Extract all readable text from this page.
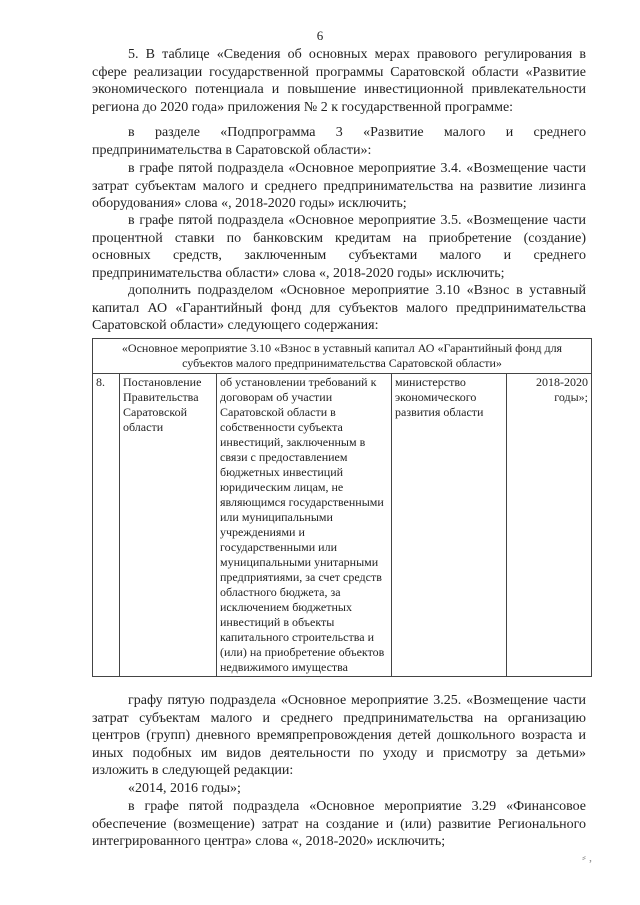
6

5. В таблице «Сведения об основных мерах правового регулирования в сфере реализации государственной программы Саратовской области «Развитие экономического потенциала и повышение инвестиционной привлекательности региона до 2020 года» приложения № 2 к государственной программе:

в разделе «Подпрограмма 3 «Развитие малого и среднего предпринимательства в Саратовской области»:

в графе пятой подраздела «Основное мероприятие 3.4. «Возмещение части затрат субъектам малого и среднего предпринимательства на развитие лизинга оборудования» слова «, 2018-2020 годы» исключить;

в графе пятой подраздела «Основное мероприятие 3.5. «Возмещение части процентной ставки по банковским кредитам на приобретение (создание) основных средств, заключенным субъектами малого и среднего предпринимательства области» слова «, 2018-2020 годы» исключить;

дополнить подразделом «Основное мероприятие 3.10 «Взнос в уставный капитал АО «Гарантийный фонд для субъектов малого предпринимательства Саратовской области» следующего содержания:

«Основное мероприятие 3.10 «Взнос в уставный капитал АО «Гарантийный фонд для субъектов малого предпринимательства Саратовской области»
8.	Постановление Правительства Саратовской области	об установлении требований к договорам об участии Саратовской области в собственности субъекта инвестиций, заключенным в связи с предоставлением бюджетных инвестиций юридическим лицам, не являющимся государственными или муниципальными учреждениями и государственными или муниципальными унитарными предприятиями, за счет средств областного бюджета, за исключением бюджетных инвестиций в объекты капитального строительства и (или) на приобретение объектов недвижимого имущества	министерство экономического развития области	2018-2020 годы»;

графу пятую подраздела «Основное мероприятие 3.25. «Возмещение части затрат субъектам малого и среднего предпринимательства на организацию центров (групп) дневного времяпрепровождения детей дошкольного возраста и иных подобных им видов деятельности по уходу и присмотру за детьми» изложить в следующей редакции:

«2014, 2016 годы»;

в графе пятой подраздела «Основное мероприятие 3.29 «Финансовое обеспечение (возмещение) затрат на создание и (или) развитие Регионального интегрированного центра» слова «, 2018-2020» исключить;

⸗ ,
